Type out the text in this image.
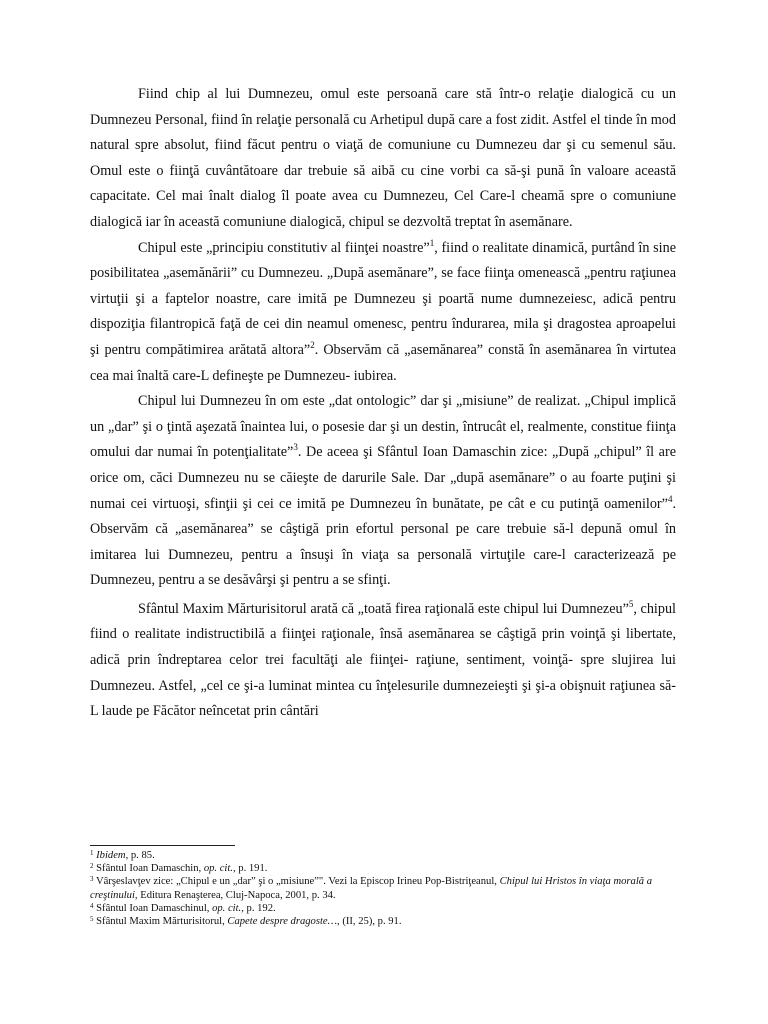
Fiind chip al lui Dumnezeu, omul este persoană care stă într-o relaţie dialogică cu un Dumnezeu Personal, fiind în relaţie personală cu Arhetipul după care a fost zidit. Astfel el tinde în mod natural spre absolut, fiind făcut pentru o viaţă de comuniune cu Dumnezeu dar şi cu semenul său. Omul este o fiinţă cuvântătoare dar trebuie să aibă cu cine vorbi ca să-şi pună în valoare această capacitate. Cel mai înalt dialog îl poate avea cu Dumnezeu, Cel Care-l cheamă spre o comuniune dialogică iar în această comuniune dialogică, chipul se dezvoltă treptat în asemănare.

Chipul este „principiu constitutiv al fiinţei noastre”$^1$, fiind o realitate dinamică, purtând în sine posibilitatea „asemănării” cu Dumnezeu. „După asemănare”, se face fiinţa omenească „pentru raţiunea virtuţii şi a faptelor noastre, care imită pe Dumnezeu şi poartă nume dumnezeiesc, adică pentru dispoziţia filantropică faţă de cei din neamul omenesc, pentru îndurarea, mila şi dragostea aproapelui şi pentru compătimirea arătată altora”$^2$. Observăm că „asemănarea” constă în asemănarea în virtutea cea mai înaltă care-L defineşte pe Dumnezeu- iubirea.

Chipul lui Dumnezeu în om este „dat ontologic” dar şi „misiune” de realizat. „Chipul implică un „dar” şi o ţintă aşezată înaintea lui, o posesie dar şi un destin, întrucât el, realmente, constitue fiinţa omului dar numai în potenţialitate”$^3$. De aceea şi Sfântul Ioan Damaschin zice: „După „chipul” îl are orice om, căci Dumnezeu nu se căieşte de darurile Sale. Dar „după asemănare” o au foarte puţini şi numai cei virtuoşi, sfinţii şi cei ce imită pe Dumnezeu în bunătate, pe cât e cu putinţă oamenilor”$^4$. Observăm că „asemănarea” se câştigă prin efortul personal pe care trebuie să-l depună omul în imitarea lui Dumnezeu, pentru a însuşi în viaţa sa personală virtuţile care-l caracterizează pe Dumnezeu, pentru a se desăvârşi şi pentru a se sfinţi.

Sfântul Maxim Mărturisitorul arată că „toată firea raţională este chipul lui Dumnezeu”$^5$, chipul fiind o realitate indistructibilă a fiinţei raţionale, însă asemănarea se câştigă prin voinţă şi libertate, adică prin îndreptarea celor trei facultăţi ale fiinţei- raţiune, sentiment, voinţă- spre slujirea lui Dumnezeu. Astfel, „cel ce şi-a luminat mintea cu înţelesurile dumnezeieşti şi şi-a obişnuit raţiunea să-L laude pe Făcător neîncetat prin cântări

$^1$ Ibidem, p. 85.

$^2$ Sfântul Ioan Damaschin, op. cit., p. 191.

$^3$ Vârşeslavţev zice: „Chipul e un „dar” şi o „misiune”". Vezi la Episcop Irineu Pop-Bistriţeanul, Chipul lui Hristos în viaţa morală a creştinului, Editura Renaşterea, Cluj-Napoca, 2001, p. 34.

$^4$ Sfântul Ioan Damaschinul, op. cit., p. 192.

$^5$ Sfântul Maxim Mărturisitorul, Capete despre dragoste…, (II, 25), p. 91.
